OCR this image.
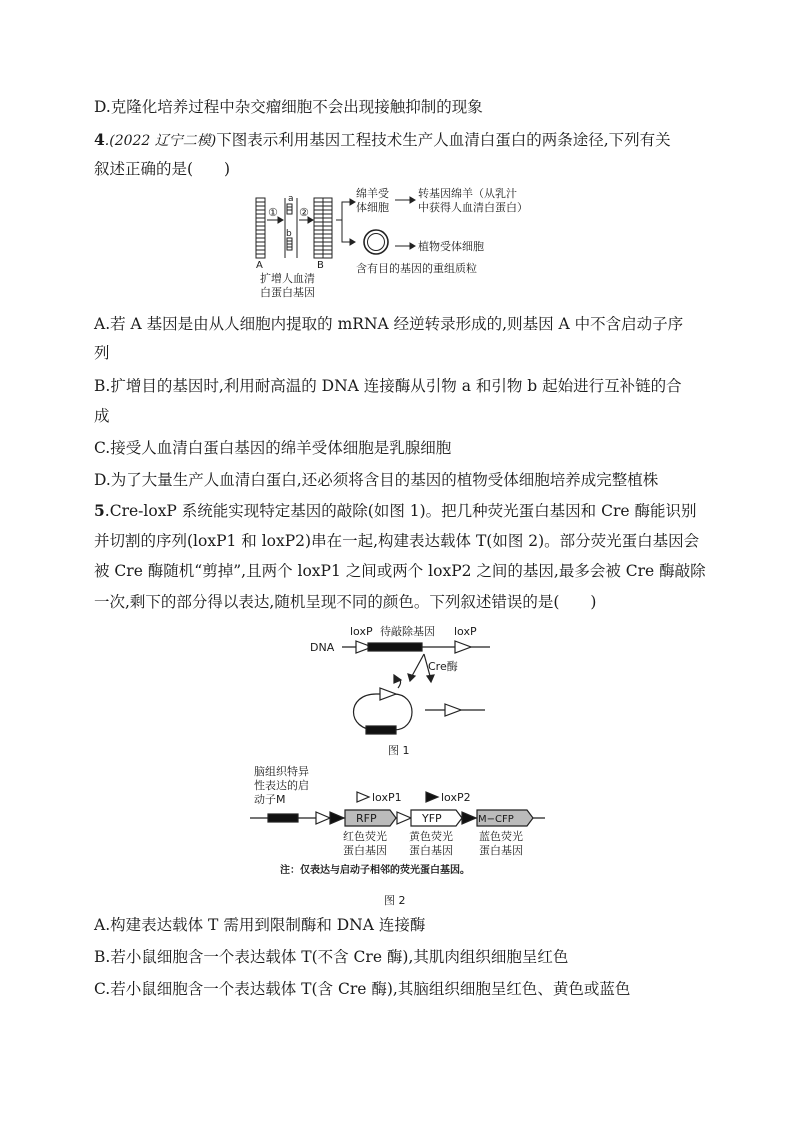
D.克隆化培养过程中杂交瘤细胞不会出现接触抑制的现象
4.(2022 辽宁二模)下图表示利用基因工程技术生产人血清白蛋白的两条途径,下列有关
叙述正确的是(　　)
① ②
a
b
A	B
扩增人血清
白蛋白基因
绵羊受
体细胞
转基因绵羊（从乳汁
中获得人血清白蛋白）
植物受体细胞
含有目的基因的重组质粒
A.若 A 基因是由从人细胞内提取的 mRNA 经逆转录形成的,则基因 A 中不含启动子序
列
B.扩增目的基因时,利用耐高温的 DNA 连接酶从引物 a 和引物 b 起始进行互补链的合
成
C.接受人血清白蛋白基因的绵羊受体细胞是乳腺细胞
D.为了大量生产人血清白蛋白,还必须将含目的基因的植物受体细胞培养成完整植株
5.Cre-loxP 系统能实现特定基因的敲除(如图 1)。把几种荧光蛋白基因和 Cre 酶能识别
并切割的序列(loxP1 和 loxP2)串在一起,构建表达载体 T(如图 2)。部分荧光蛋白基因会
被 Cre 酶随机“剪掉”,且两个 loxP1 之间或两个 loxP2 之间的基因,最多会被 Cre 酶敲除
一次,剩下的部分得以表达,随机呈现不同的颜色。下列叙述错误的是(　　)
DNA
loxP 待敲除基因 loxP
Cre酶
图 1
脑组织特异
性表达的启
动子M	loxP1	loxP2
RFP	YFP	M−CFP
红色荧光
蛋白基因
黄色荧光
蛋白基因
蓝色荧光
蛋白基因
注：仅表达与启动子相邻的荧光蛋白基因。
图 2
A.构建表达载体 T 需用到限制酶和 DNA 连接酶
B.若小鼠细胞含一个表达载体 T(不含 Cre 酶),其肌肉组织细胞呈红色
C.若小鼠细胞含一个表达载体 T(含 Cre 酶),其脑组织细胞呈红色、黄色或蓝色
